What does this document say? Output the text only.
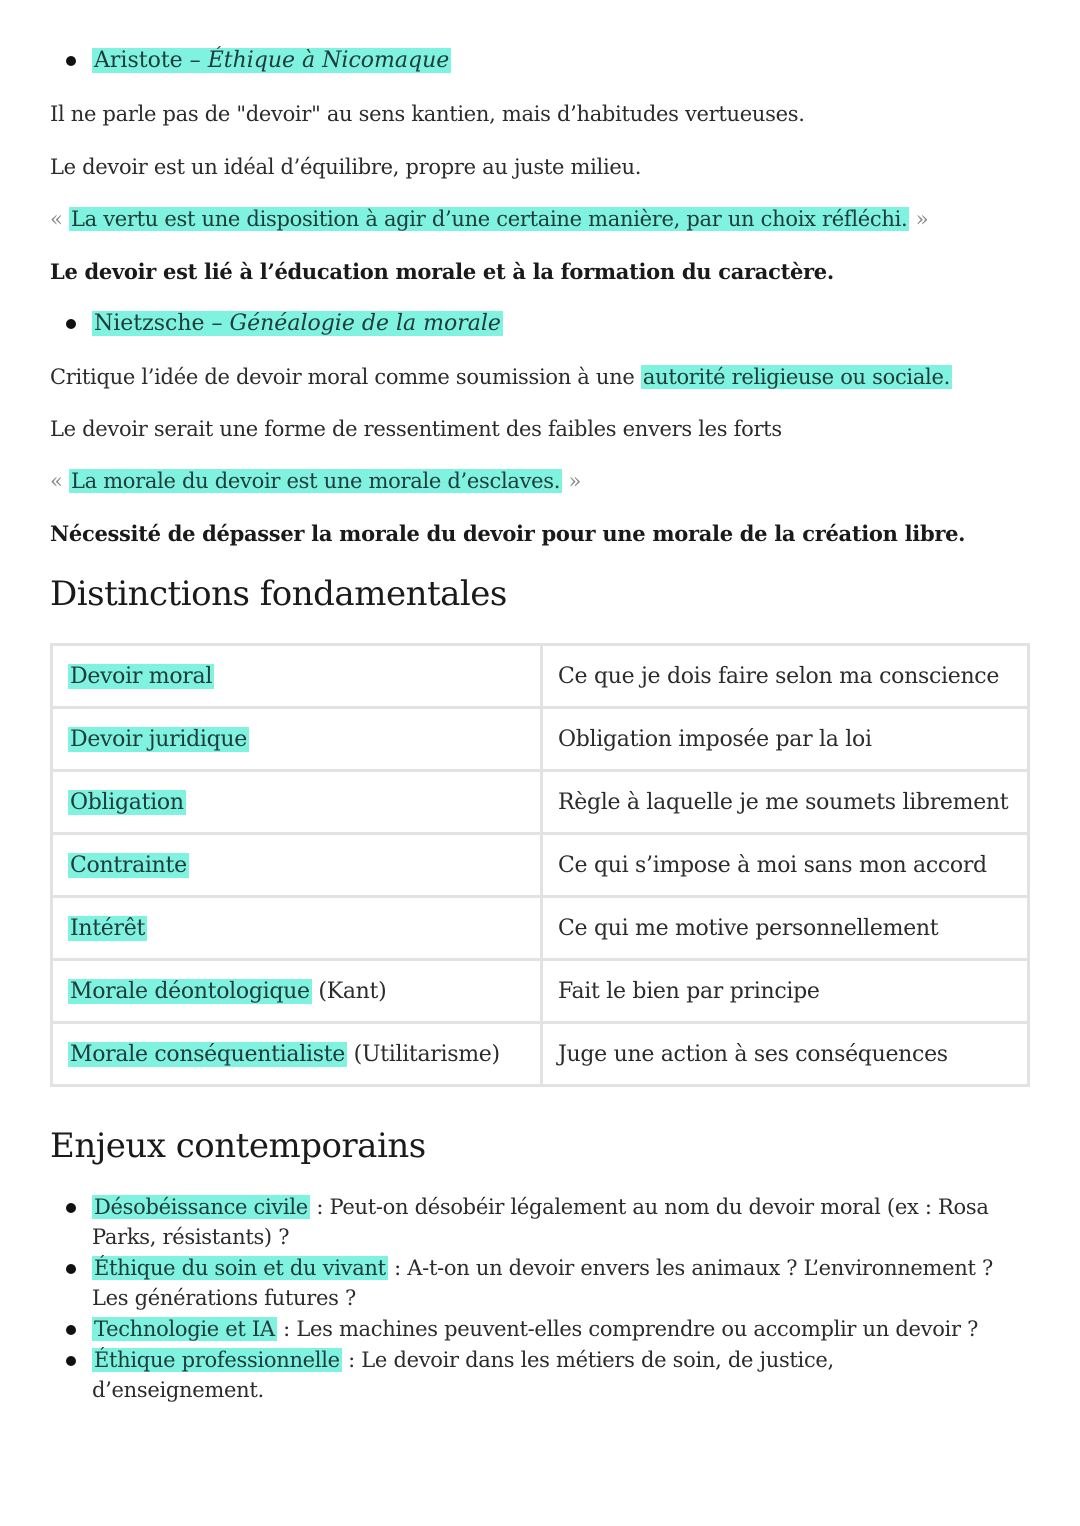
Aristote – Éthique à Nicomaque
Il ne parle pas de "devoir" au sens kantien, mais d’habitudes vertueuses.
Le devoir est un idéal d’équilibre, propre au juste milieu.
« La vertu est une disposition à agir d’une certaine manière, par un choix réfléchi. »
Le devoir est lié à l’éducation morale et à la formation du caractère.
Nietzsche – Généalogie de la morale
Critique l’idée de devoir moral comme soumission à une autorité religieuse ou sociale.
Le devoir serait une forme de ressentiment des faibles envers les forts
« La morale du devoir est une morale d’esclaves. »
Nécessité de dépasser la morale du devoir pour une morale de la création libre.
Distinctions fondamentales
Devoir moral	Ce que je dois faire selon ma conscience
Devoir juridique	Obligation imposée par la loi
Obligation	Règle à laquelle je me soumets librement
Contrainte	Ce qui s’impose à moi sans mon accord
Intérêt	Ce qui me motive personnellement
Morale déontologique (Kant)	Fait le bien par principe
Morale conséquentialiste (Utilitarisme)	Juge une action à ses conséquences
Enjeux contemporains
Désobéissance civile : Peut-on désobéir légalement au nom du devoir moral (ex : Rosa Parks, résistants) ?
Éthique du soin et du vivant : A-t-on un devoir envers les animaux ? L’environnement ? Les générations futures ?
Technologie et IA : Les machines peuvent-elles comprendre ou accomplir un devoir ?
Éthique professionnelle : Le devoir dans les métiers de soin, de justice, d’enseignement.
